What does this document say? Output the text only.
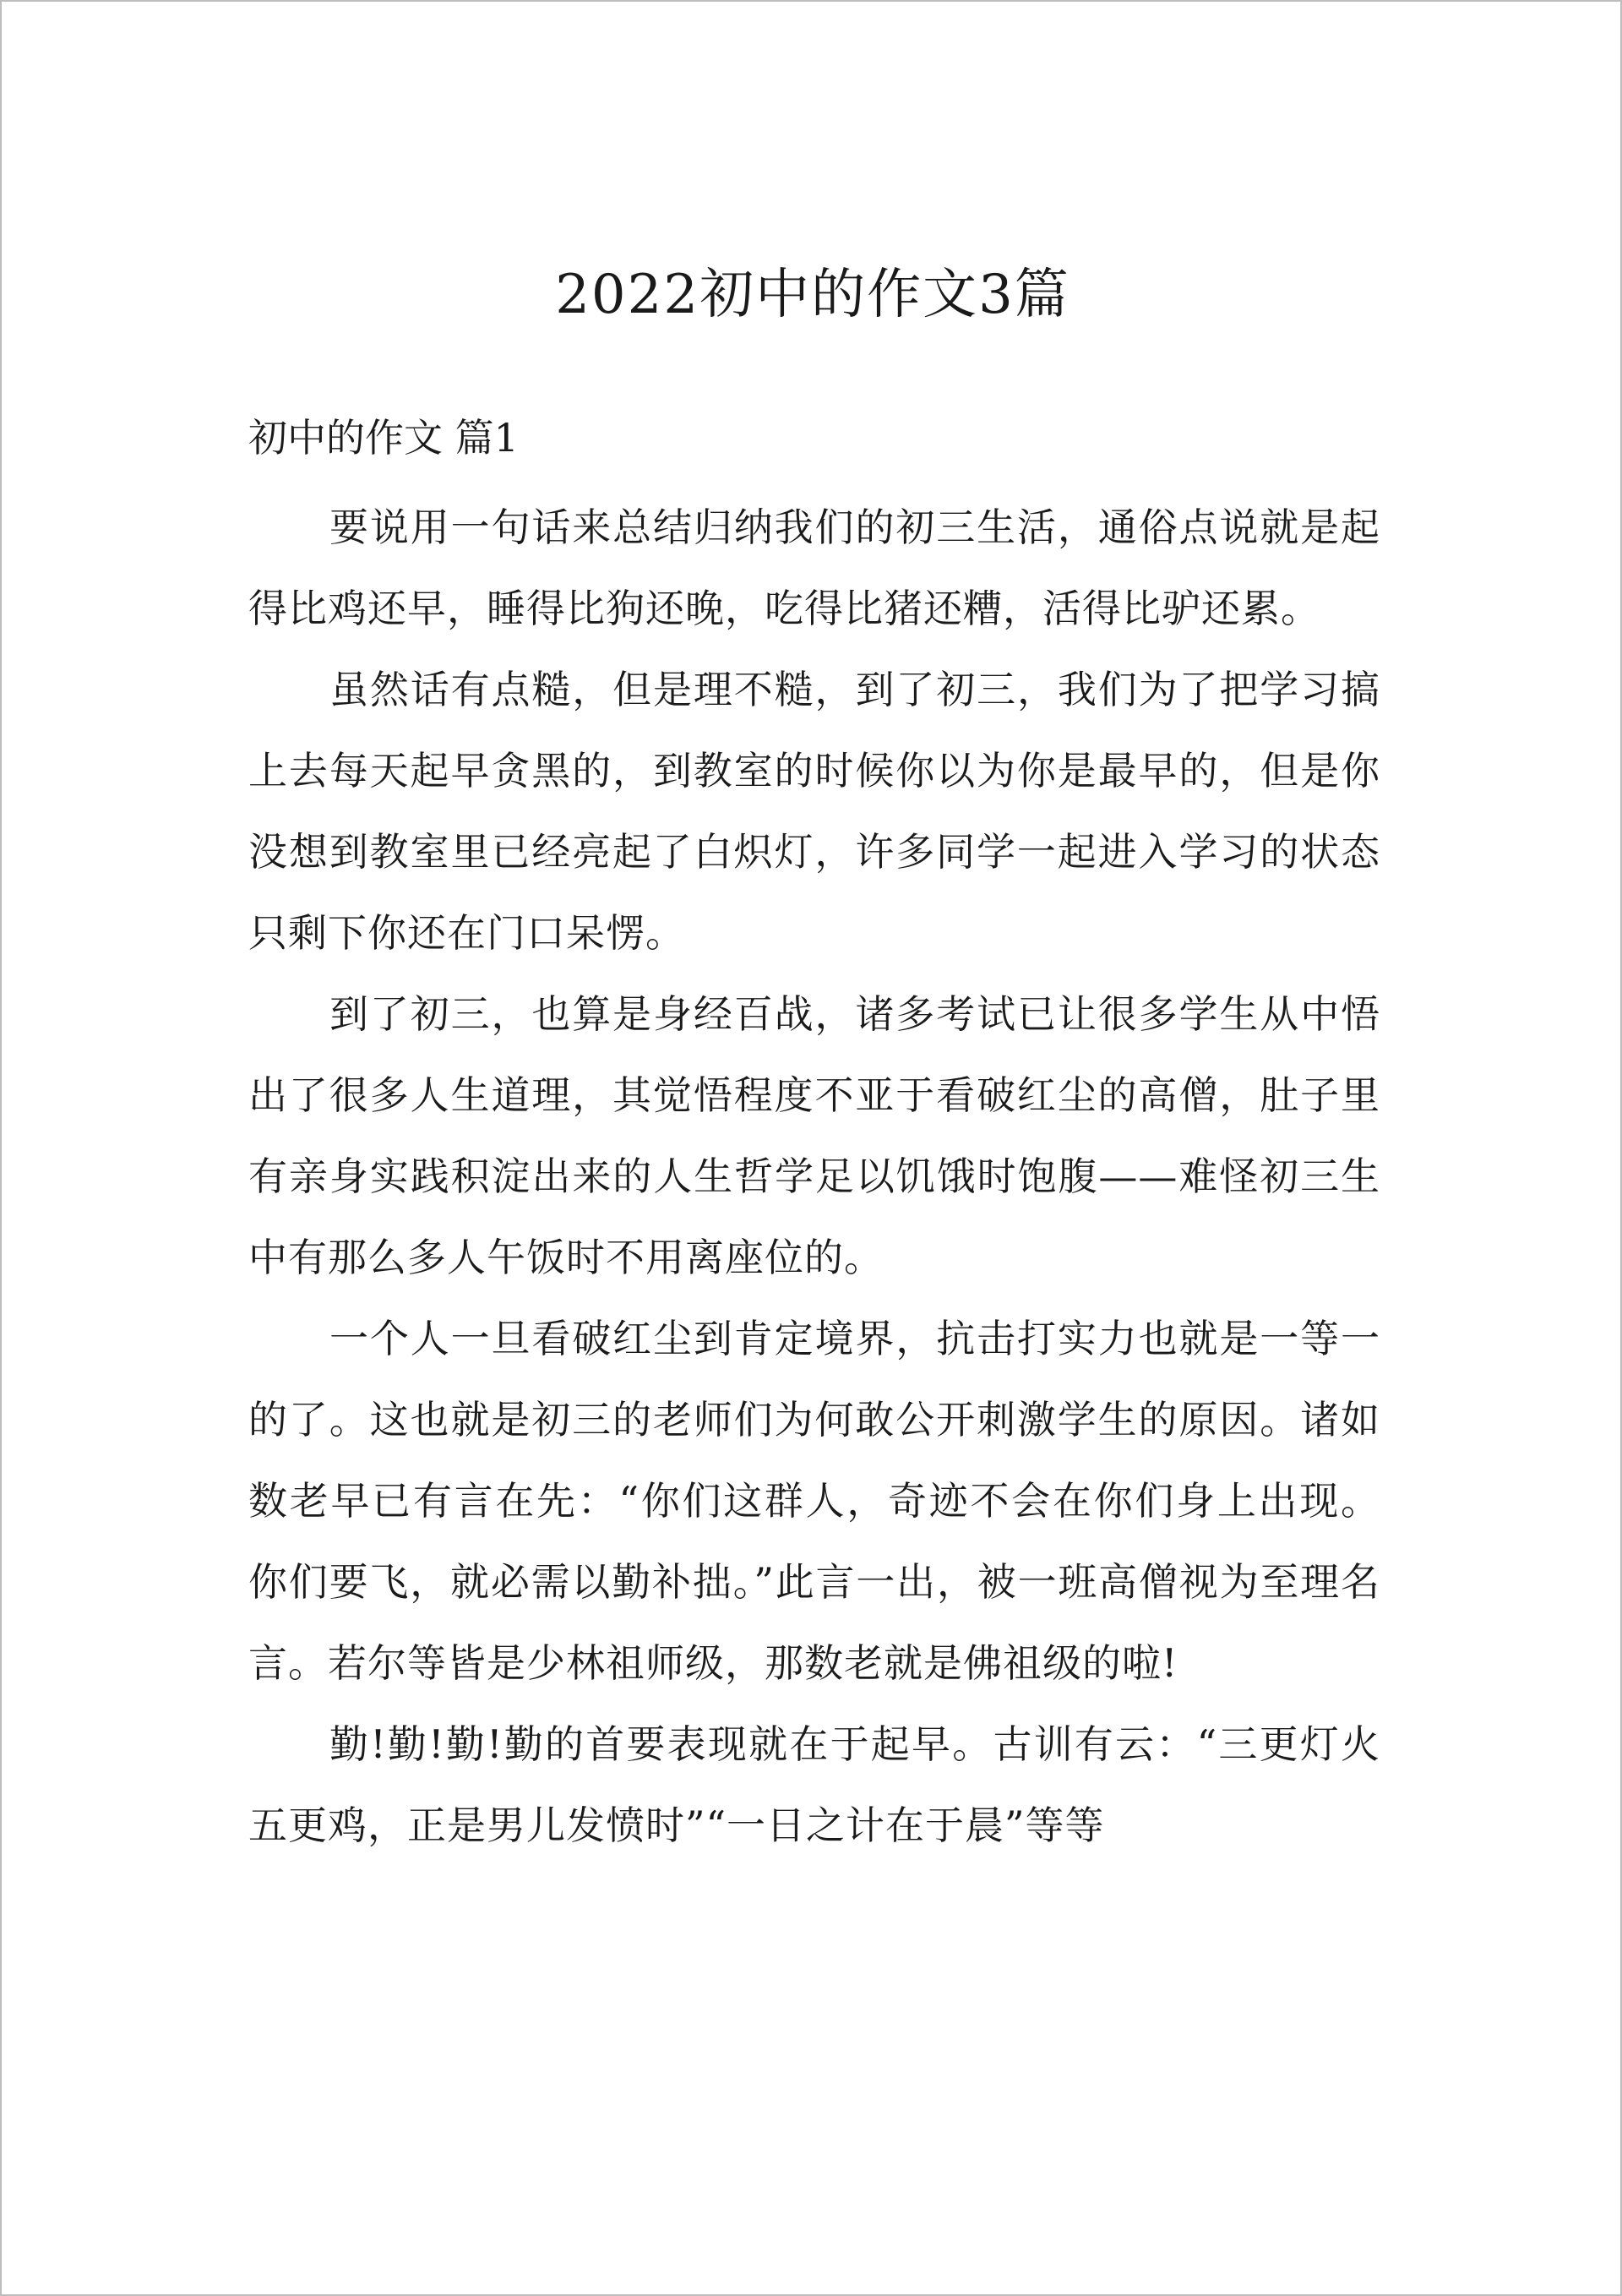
2022初中的作文3篇
初中的作文 篇1

要说用一句话来总结归纳我们的初三生活，通俗点说就是起得比鸡还早，睡得比狗还晚，吃得比猪还糟，活得比驴还累。

虽然话有点糙，但是理不糙，到了初三，我们为了把学习搞上去每天起早贪黑的，到教室的时候你以为你是最早的，但是你没想到教室里已经亮起了白炽灯，许多同学一起进入学习的状态只剩下你还在门口呆愣。

到了初三，也算是身经百战，诸多考试已让很多学生从中悟出了很多人生道理，其觉悟程度不亚于看破红尘的高僧，肚子里有亲身实践积淀出来的人生哲学足以饥饿时饱腹——难怪初三生中有那么多人午饭时不用离座位的。

一个人一旦看破红尘到肯定境界，抗击打实力也就是一等一的了。这也就是初三的老师们为何敢公开刺激学生的原因。诸如数老早已有言在先：“你们这群人，奇迹不会在你们身上出现。你们要飞，就必需以勤补拙。”此言一出，被一班高僧视为至理名言。若尔等皆是少林祖师级，那数老就是佛祖级的啦!

勤!勤!勤!勤的首要表现就在于起早。古训有云：“三更灯火五更鸡，正是男儿发愤时”“一日之计在于晨”等等
